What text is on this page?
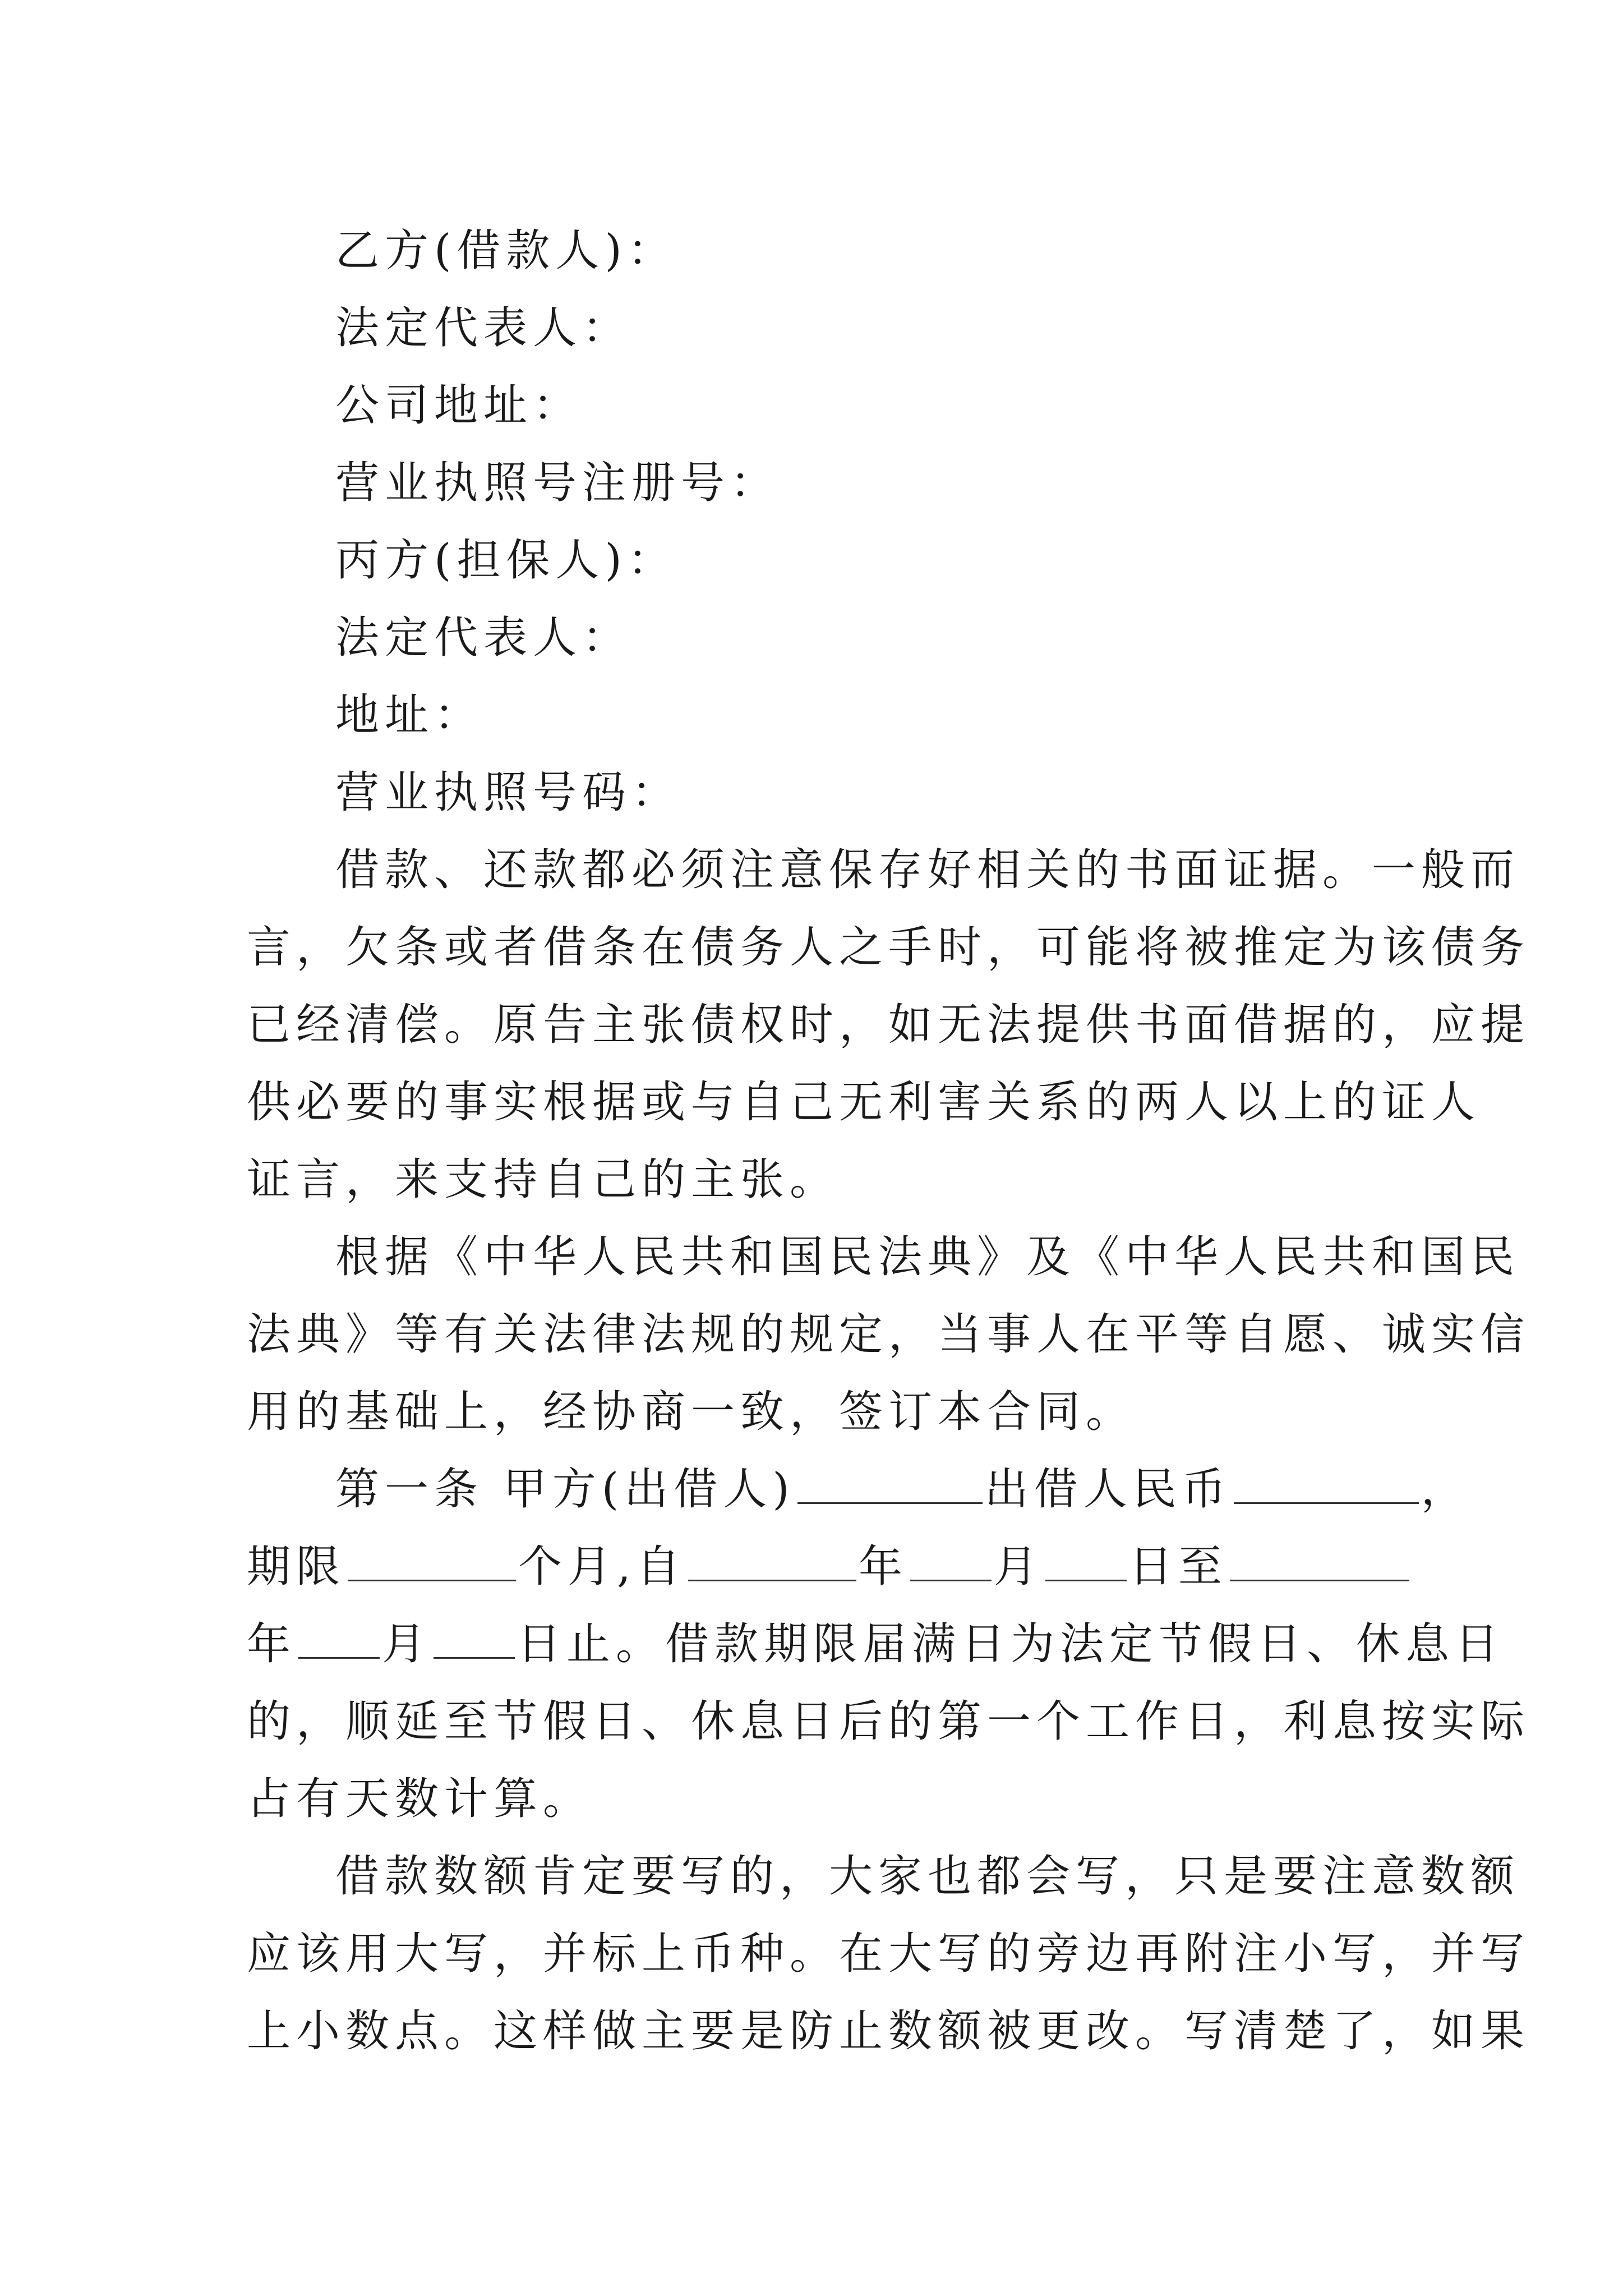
乙方(借款人)：
法定代表人：
公司地址：
营业执照号注册号：
丙方(担保人)：
法定代表人：
地址：
营业执照号码：
借款、还款都必须注意保存好相关的书面证据。一般而
言，欠条或者借条在债务人之手时，可能将被推定为该债务
已经清偿。原告主张债权时，如无法提供书面借据的，应提
供必要的事实根据或与自己无利害关系的两人以上的证人
证言，来支持自己的主张。
根据《中华人民共和国民法典》及《中华人民共和国民
法典》等有关法律法规的规定，当事人在平等自愿、诚实信
用的基础上，经协商一致，签订本合同。
第一条 甲方(出借人)	出借人民币	，
期限	个月,自	年 月 日至
年 月 日止。借款期限届满日为法定节假日、休息日
的，顺延至节假日、休息日后的第一个工作日，利息按实际
占有天数计算。
借款数额肯定要写的，大家也都会写，只是要注意数额
应该用大写，并标上币种。在大写的旁边再附注小写，并写
上小数点。这样做主要是防止数额被更改。写清楚了，如果
